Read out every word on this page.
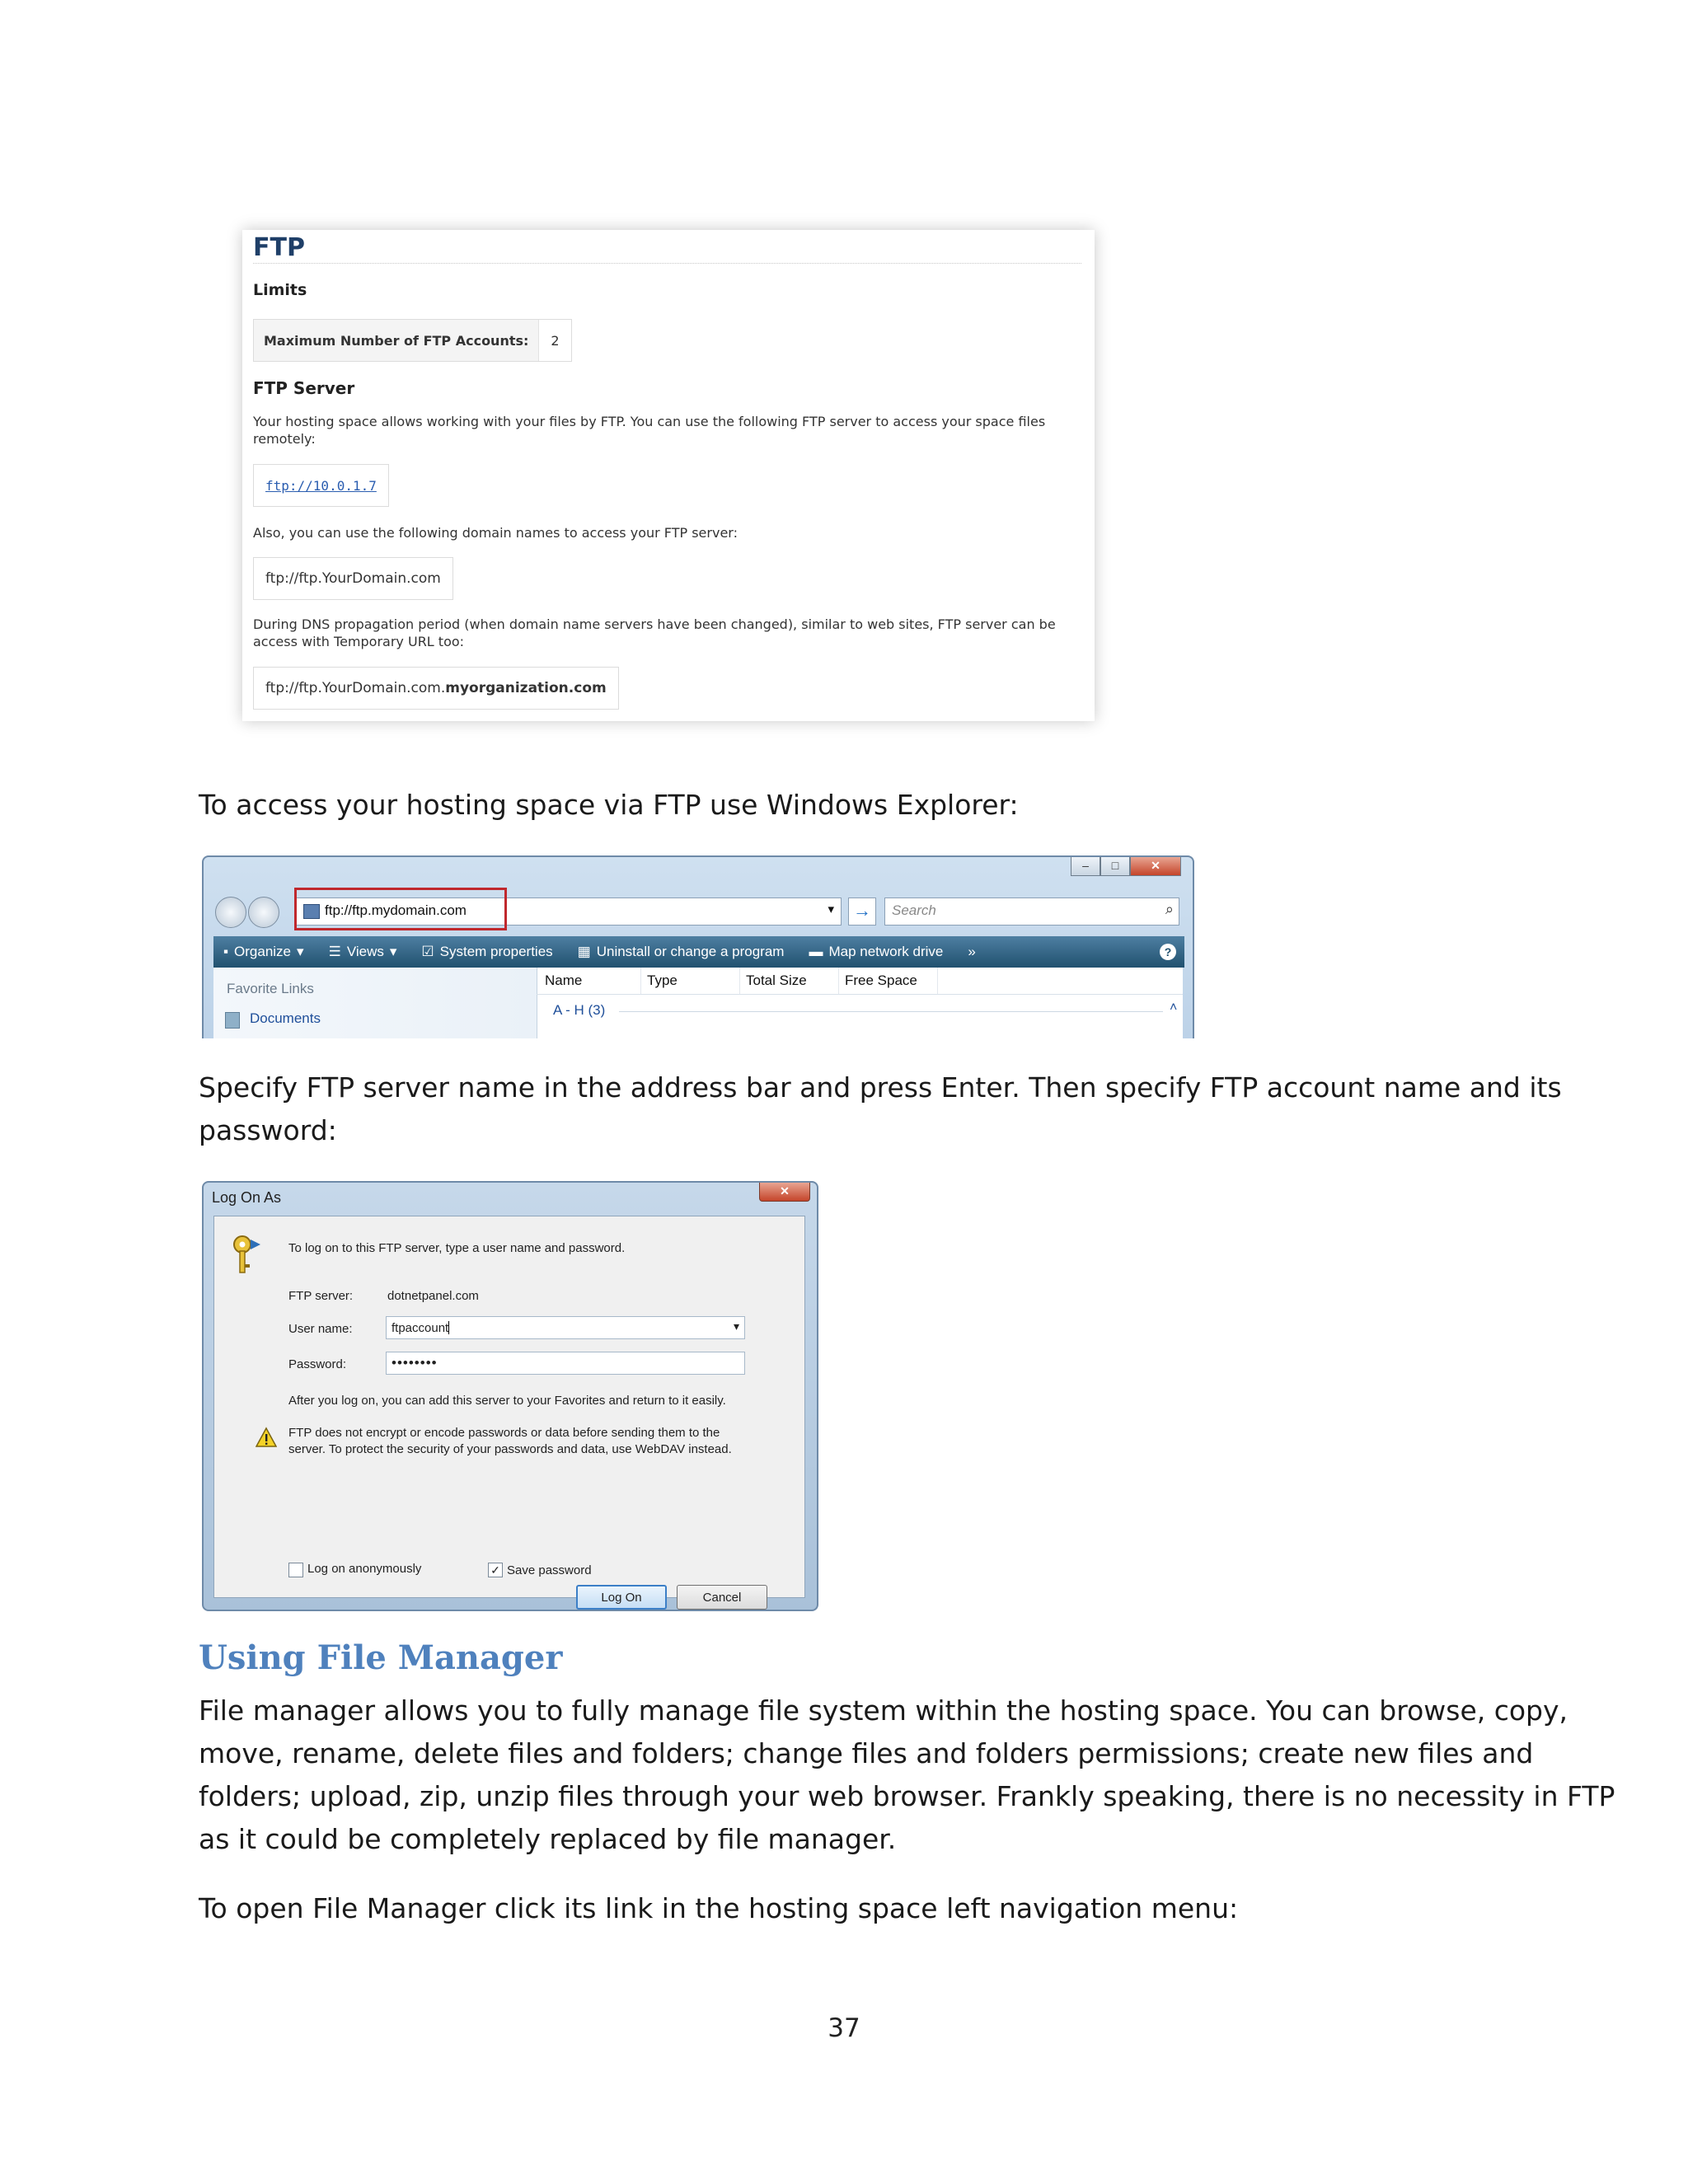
FTP
Limits
Maximum Number of FTP Accounts:	2
FTP Server
Your hosting space allows working with your files by FTP. You can use the following FTP server to access your space files remotely:
ftp://10.0.1.7
Also, you can use the following domain names to access your FTP server:
ftp://ftp.YourDomain.com
During DNS propagation period (when domain name servers have been changed), similar to web sites, FTP server can be access with Temporary URL too:
ftp://ftp.YourDomain.com. myorganization.com
To access your hosting space via FTP use Windows Explorer:
–	□	✕
ftp://ftp.mydomain.com	▾ →	Search	⌕
▪ Organize ▾ ☰ Views ▾ ☑ System properties ▦ Uninstall or change a program ▬ Map network drive »	?
Favorite Links
Documents
Name	Type	Total Size	Free Space
A - H (3)	˄
Specify FTP server name in the address bar and press Enter. Then specify FTP account name and its
password:
Log On As	✕
To log on to this FTP server, type a user name and password.
FTP server:	dotnetpanel.com
User name:	ftpaccount	▾
Password:	••••••••
After you log on, you can add this server to your Favorites and return to it easily.
FTP does not encrypt or encode passwords or data before sending them to the
server. To protect the security of your passwords and data, use WebDAV instead.
Log on anonymously	✓ Save password
Log On	Cancel
Using File Manager
File manager allows you to fully manage file system within the hosting space. You can browse, copy,
move, rename, delete files and folders; change files and folders permissions; create new files and
folders; upload, zip, unzip files through your web browser. Frankly speaking, there is no necessity in FTP
as it could be completely replaced by file manager.
To open File Manager click its link in the hosting space left navigation menu:
37
